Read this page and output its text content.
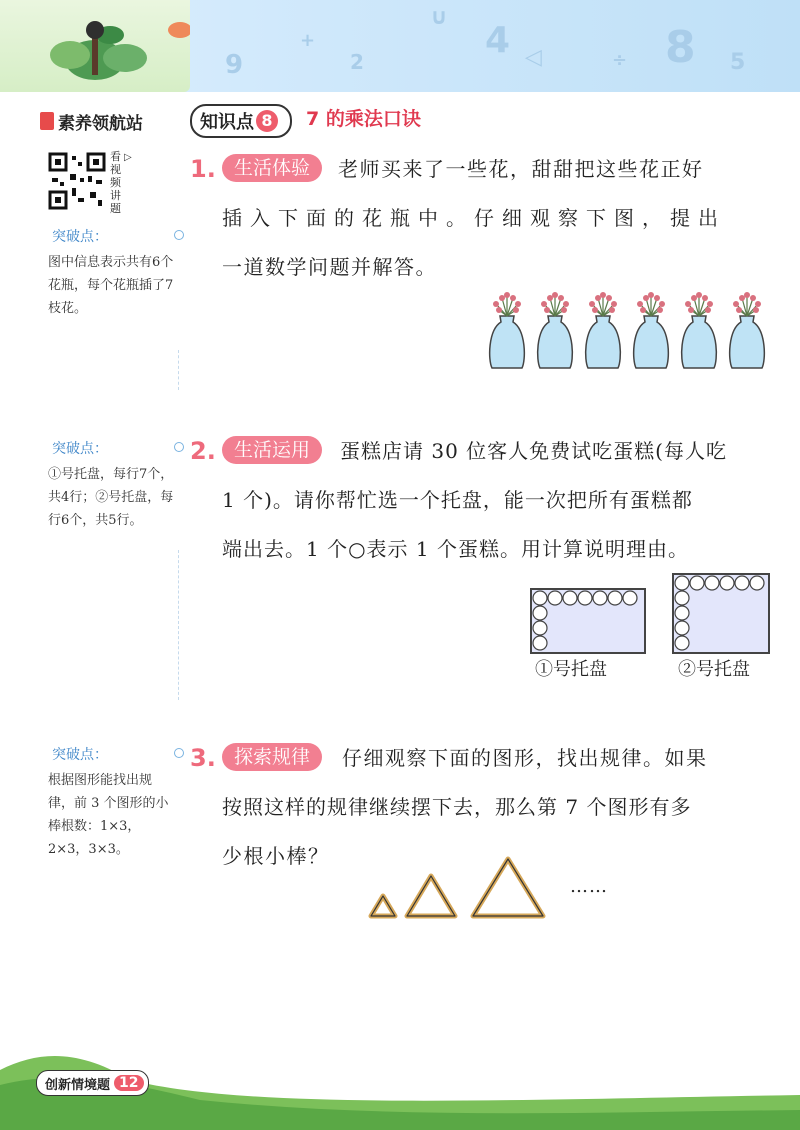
9
+
2
∪
4 ◁	÷ 8 5
素养领航站	知识点 8 7 的乘法口诀
看视频讲题
▷
突破点：
图中信息表示共有6个花瓶，每个花瓶插了7枝花。
突破点：
①号托盘，每行7个，共4行；②号托盘，每行6个，共5行。
突破点：
根据图形能找出规律，前 3 个图形的小棒根数：1×3，2×3，3×3。
1. 生活体验	老师买来了一些花，甜甜把这些花正好
插入下面的花瓶中。仔细观察下图，提出
一道数学问题并解答。
2. 生活运用	蛋糕店请 30 位客人免费试吃蛋糕(每人吃
1 个)。请你帮忙选一个托盘，能一次把所有蛋糕都
端出去。1 个○表示 1 个蛋糕。用计算说明理由。
①号托盘	②号托盘
3. 探索规律	仔细观察下面的图形，找出规律。如果
按照这样的规律继续摆下去，那么第 7 个图形有多
少根小棒？
……
创新情境题 12
